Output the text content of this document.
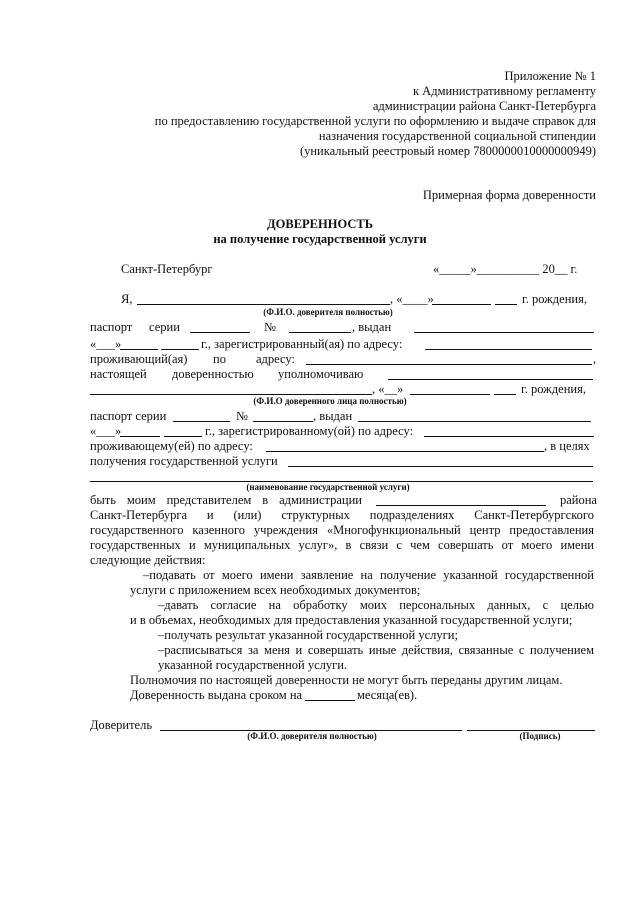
Приложение № 1
к Административному регламенту
администрации района Санкт-Петербурга
по предоставлению государственной услуги по оформлению и выдаче справок для
назначения государственной социальной стипендии
(уникальный реестровый номер 7800000010000000949)
Примерная форма доверенности
ДОВЕРЕННОСТЬ
на получение государственной услуги
Санкт-Петербург	«_____»__________ 20__ г.
Я,	, «____»	г. рождения,
(Ф.И.О. доверителя полностью)
паспорт серии	№	, выдан
«___»	г., зарегистрированный(ая) по адресу:
проживающий(ая) по адресу:	,
настоящей доверенностью уполномочиваю
, «__»	г. рождения,
(Ф.И.О доверенного лица полностью)
паспорт серии	№	, выдан
«___»	г., зарегистрированному(ой) по адресу:
проживающему(ей) по адресу:	, в целях
получения государственной услуги
(наименование государственной услуги)
быть моим представителем в администрации	района
Санкт-Петербурга и (или) структурных подразделениях Санкт-Петербургского
государственного казенного учреждения «Многофункциональный центр предоставления
государственных и муниципальных услуг», в связи с чем совершать от моего имени
следующие действия:
–подавать от моего имени заявление на получение указанной государственной
услуги с приложением всех необходимых документов;
–давать согласие на обработку моих персональных данных, с целью
и в объемах, необходимых для предоставления указанной государственной услуги;
–получать результат указанной государственной услуги;
–расписываться за меня и совершать иные действия, связанные с получением
указанной государственной услуги.
Полномочия по настоящей доверенности не могут быть переданы другим лицам.
Доверенность выдана сроком на	месяца(ев).
Доверитель
(Ф.И.О. доверителя полностью)	(Подпись)
